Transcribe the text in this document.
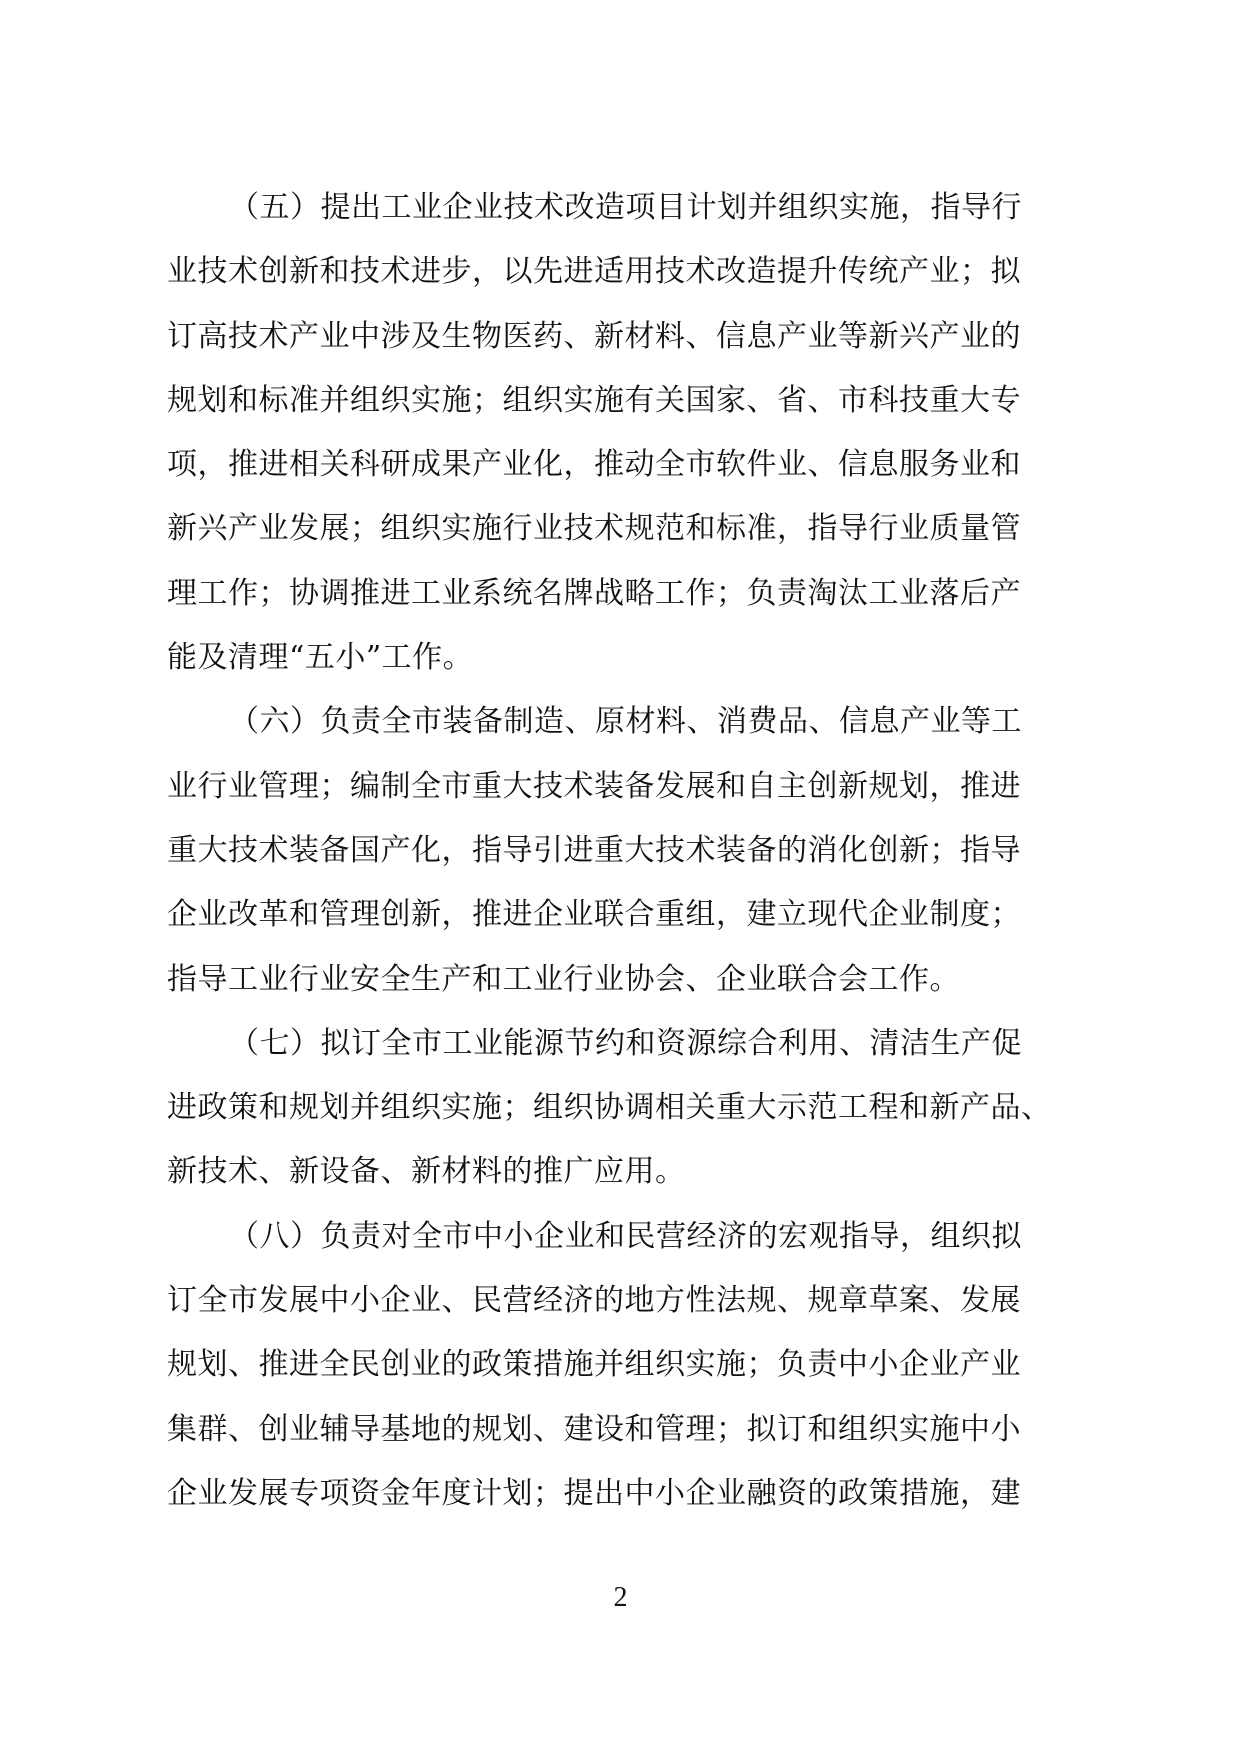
（五）提出工业企业技术改造项目计划并组织实施，指导行
业技术创新和技术进步，以先进适用技术改造提升传统产业；拟
订高技术产业中涉及生物医药、新材料、信息产业等新兴产业的
规划和标准并组织实施；组织实施有关国家、省、市科技重大专
项，推进相关科研成果产业化，推动全市软件业、信息服务业和
新兴产业发展；组织实施行业技术规范和标准，指导行业质量管
理工作；协调推进工业系统名牌战略工作；负责淘汰工业落后产
能及清理“五小”工作。
（六）负责全市装备制造、原材料、消费品、信息产业等工
业行业管理；编制全市重大技术装备发展和自主创新规划，推进
重大技术装备国产化，指导引进重大技术装备的消化创新；指导
企业改革和管理创新，推进企业联合重组，建立现代企业制度；
指导工业行业安全生产和工业行业协会、企业联合会工作。
（七）拟订全市工业能源节约和资源综合利用、清洁生产促
进政策和规划并组织实施；组织协调相关重大示范工程和新产品、
新技术、新设备、新材料的推广应用。
（八）负责对全市中小企业和民营经济的宏观指导，组织拟
订全市发展中小企业、民营经济的地方性法规、规章草案、发展
规划、推进全民创业的政策措施并组织实施；负责中小企业产业
集群、创业辅导基地的规划、建设和管理；拟订和组织实施中小
企业发展专项资金年度计划；提出中小企业融资的政策措施，建
2
